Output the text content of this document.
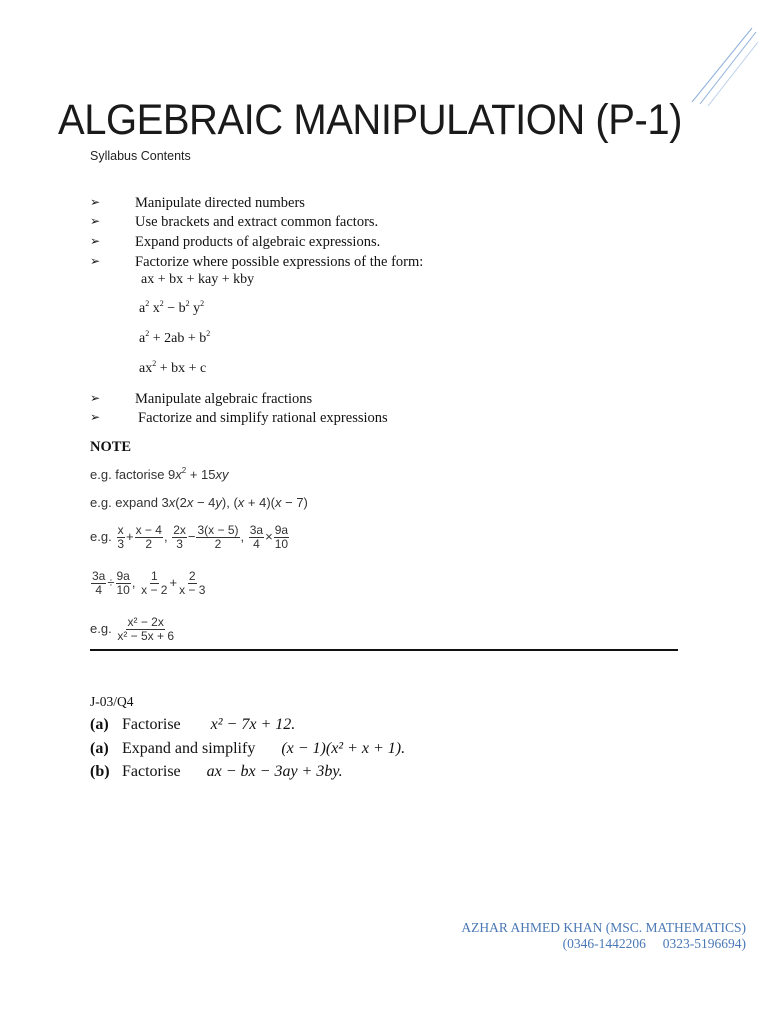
ALGEBRAIC MANIPULATION (P-1)
Syllabus Contents
➢ Manipulate directed numbers
➢ Use brackets and extract common factors.
➢ Expand products of algebraic expressions.
➢ Factorize where possible expressions of the form:
ax + bx + kay + kby
$a^2$ $x^2 - b^2$ $y^2$
$a^2 + 2ab + b^2$
$ax^2$ + bx + c
➢ Manipulate algebraic fractions
➢	Factorize and simplify rational expressions
NOTE
e.g. factorise $9x^2 + 15xy$
e.g. expand 3x(2x − 4y), (x + 4)(x − 7)
e.g. $\frac{x}{3} + \frac{x - 4}{2}$ , $\frac{2x}{3} - \frac{3(x - 5)}{2}$ , $\frac{3a}{4} \times \frac{9a}{10}$
$\frac{3a}{4} \div \frac{9a}{10}$ , $\frac{1}{x - 2} + \frac{2}{x - 3}$
e.g. $\frac{\text{x² − 2x}}{\text{x² − 5x + 6}}$
J-03/Q4
(a) Factorise x² − 7x + 12.
(a) Expand and simplify (x − 1)(x² + x + 1).
(b) Factorise ax − bx − 3ay + 3by.
AZHAR AHMED KHAN (MSC. MATHEMATICS)
(0346-1442206     0323-5196694)
